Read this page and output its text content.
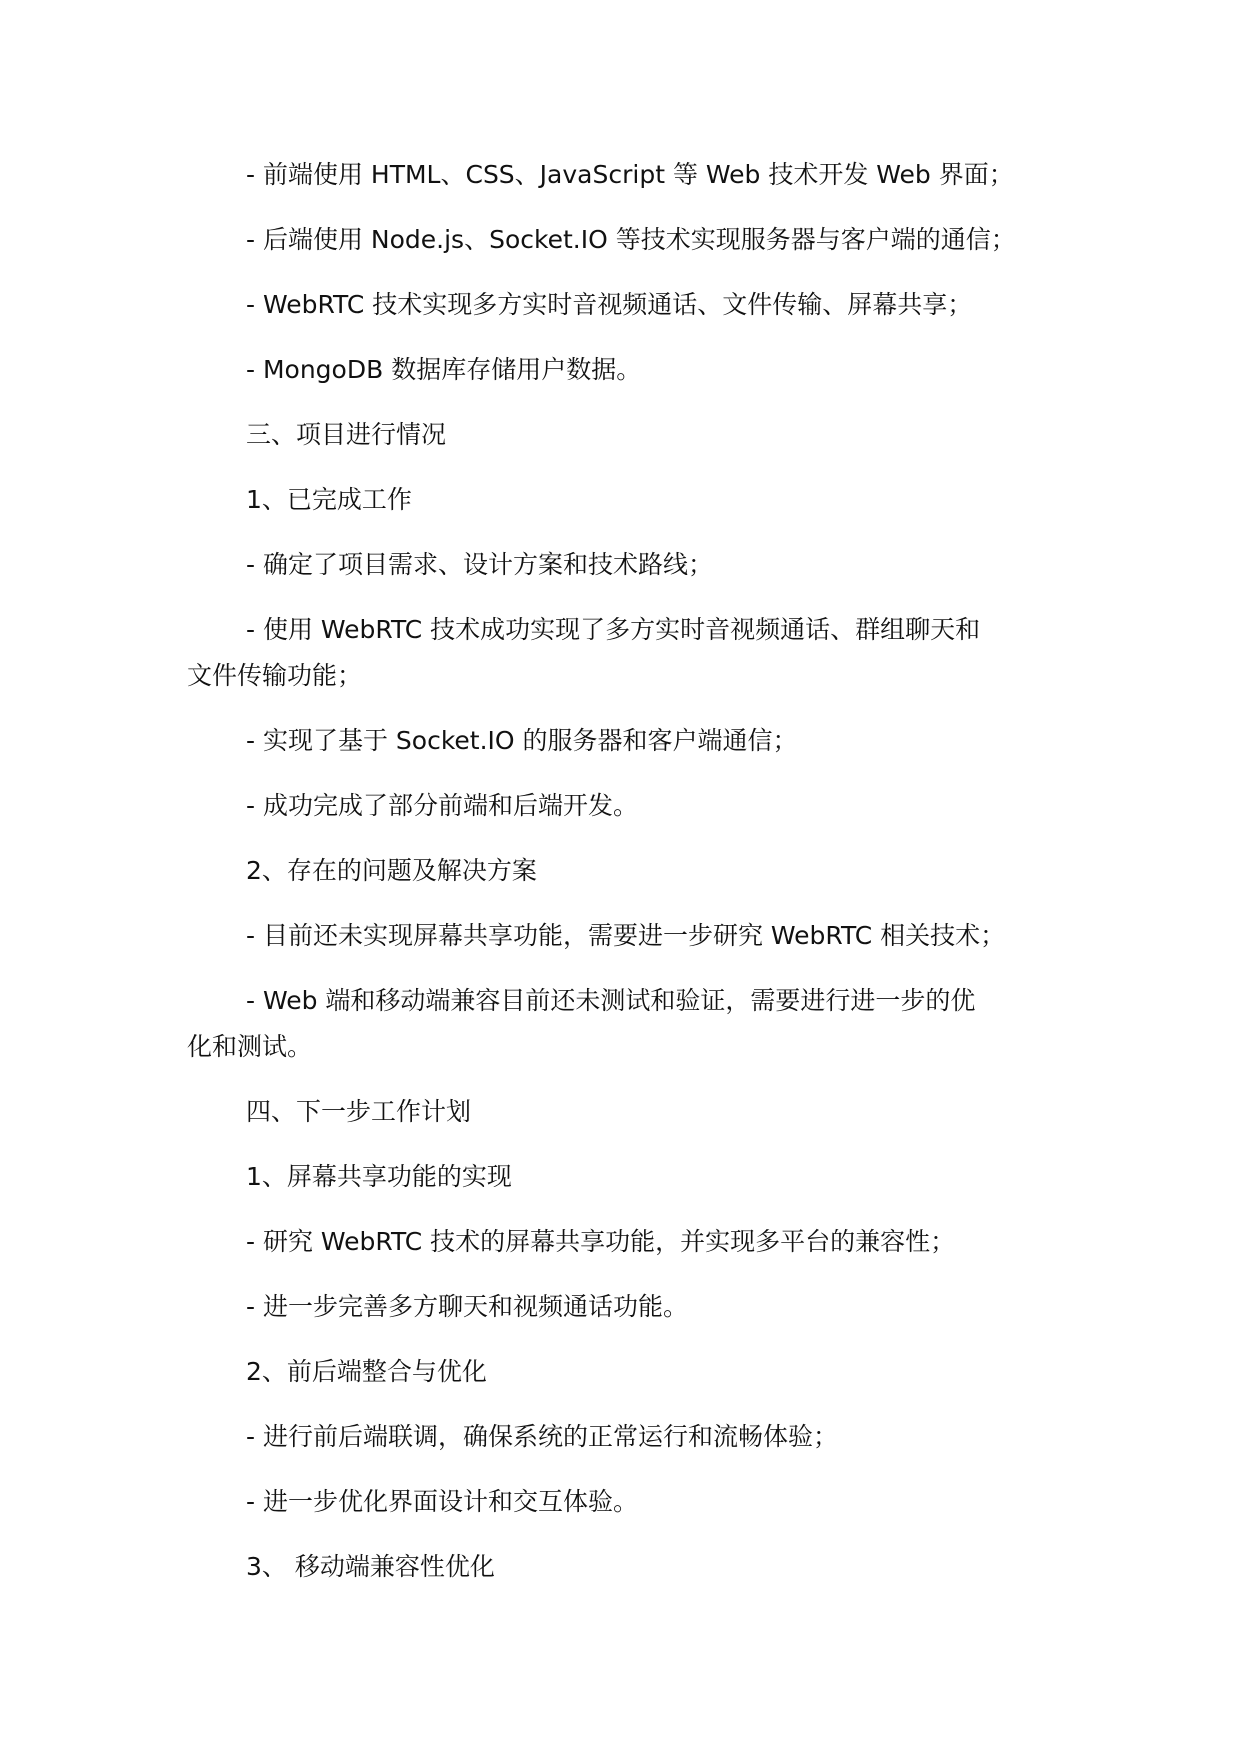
- 前端使用 HTML、CSS、JavaScript 等 Web 技术开发 Web 界面；
- 后端使用 Node.js、Socket.IO 等技术实现服务器与客户端的通信；
- WebRTC 技术实现多方实时音视频通话、文件传输、屏幕共享；
- MongoDB 数据库存储用户数据。
三、项目进行情况
1、已完成工作
- 确定了项目需求、设计方案和技术路线；
- 使用 WebRTC 技术成功实现了多方实时音视频通话、群组聊天和
文件传输功能；
- 实现了基于 Socket.IO 的服务器和客户端通信；
- 成功完成了部分前端和后端开发。
2、存在的问题及解决方案
- 目前还未实现屏幕共享功能，需要进一步研究 WebRTC 相关技术；
- Web 端和移动端兼容目前还未测试和验证，需要进行进一步的优
化和测试。
四、下一步工作计划
1、屏幕共享功能的实现
- 研究 WebRTC 技术的屏幕共享功能，并实现多平台的兼容性；
- 进一步完善多方聊天和视频通话功能。
2、前后端整合与优化
- 进行前后端联调，确保系统的正常运行和流畅体验；
- 进一步优化界面设计和交互体验。
3、 移动端兼容性优化
